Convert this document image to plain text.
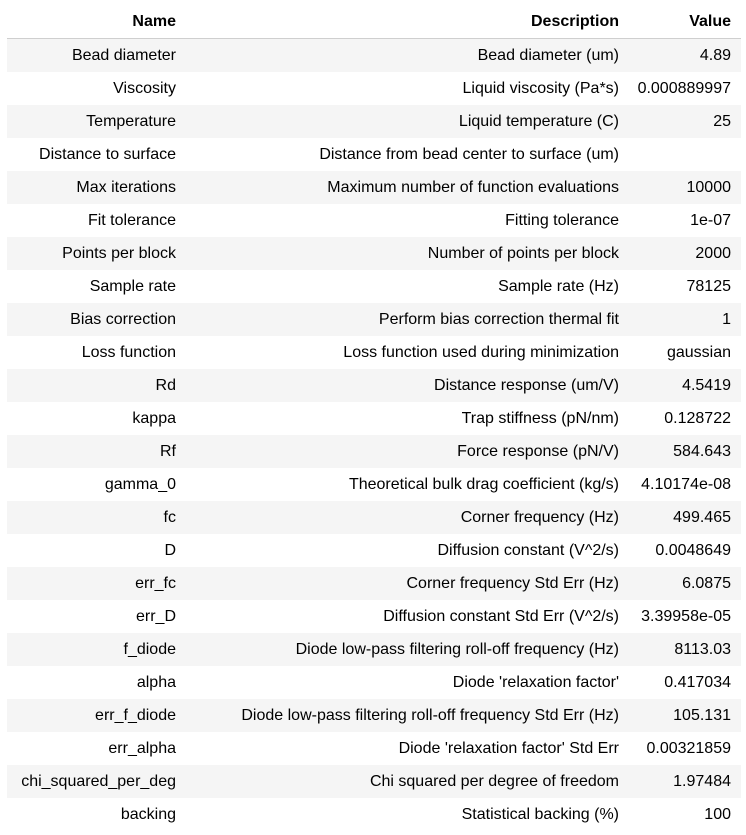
Name	Description	Value
Bead diameter	Bead diameter (um)	4.89
Viscosity	Liquid viscosity (Pa*s)	0.000889997
Temperature	Liquid temperature (C)	25
Distance to surface	Distance from bead center to surface (um)	
Max iterations	Maximum number of function evaluations	10000
Fit tolerance	Fitting tolerance	1e-07
Points per block	Number of points per block	2000
Sample rate	Sample rate (Hz)	78125
Bias correction	Perform bias correction thermal fit	1
Loss function	Loss function used during minimization	gaussian
Rd	Distance response (um/V)	4.5419
kappa	Trap stiffness (pN/nm)	0.128722
Rf	Force response (pN/V)	584.643
gamma_0	Theoretical bulk drag coefficient (kg/s)	4.10174e-08
fc	Corner frequency (Hz)	499.465
D	Diffusion constant (V^2/s)	0.0048649
err_fc	Corner frequency Std Err (Hz)	6.0875
err_D	Diffusion constant Std Err (V^2/s)	3.39958e-05
f_diode	Diode low-pass filtering roll-off frequency (Hz)	8113.03
alpha	Diode 'relaxation factor'	0.417034
err_f_diode	Diode low-pass filtering roll-off frequency Std Err (Hz)	105.131
err_alpha	Diode 'relaxation factor' Std Err	0.00321859
chi_squared_per_deg	Chi squared per degree of freedom	1.97484
backing	Statistical backing (%)	100
